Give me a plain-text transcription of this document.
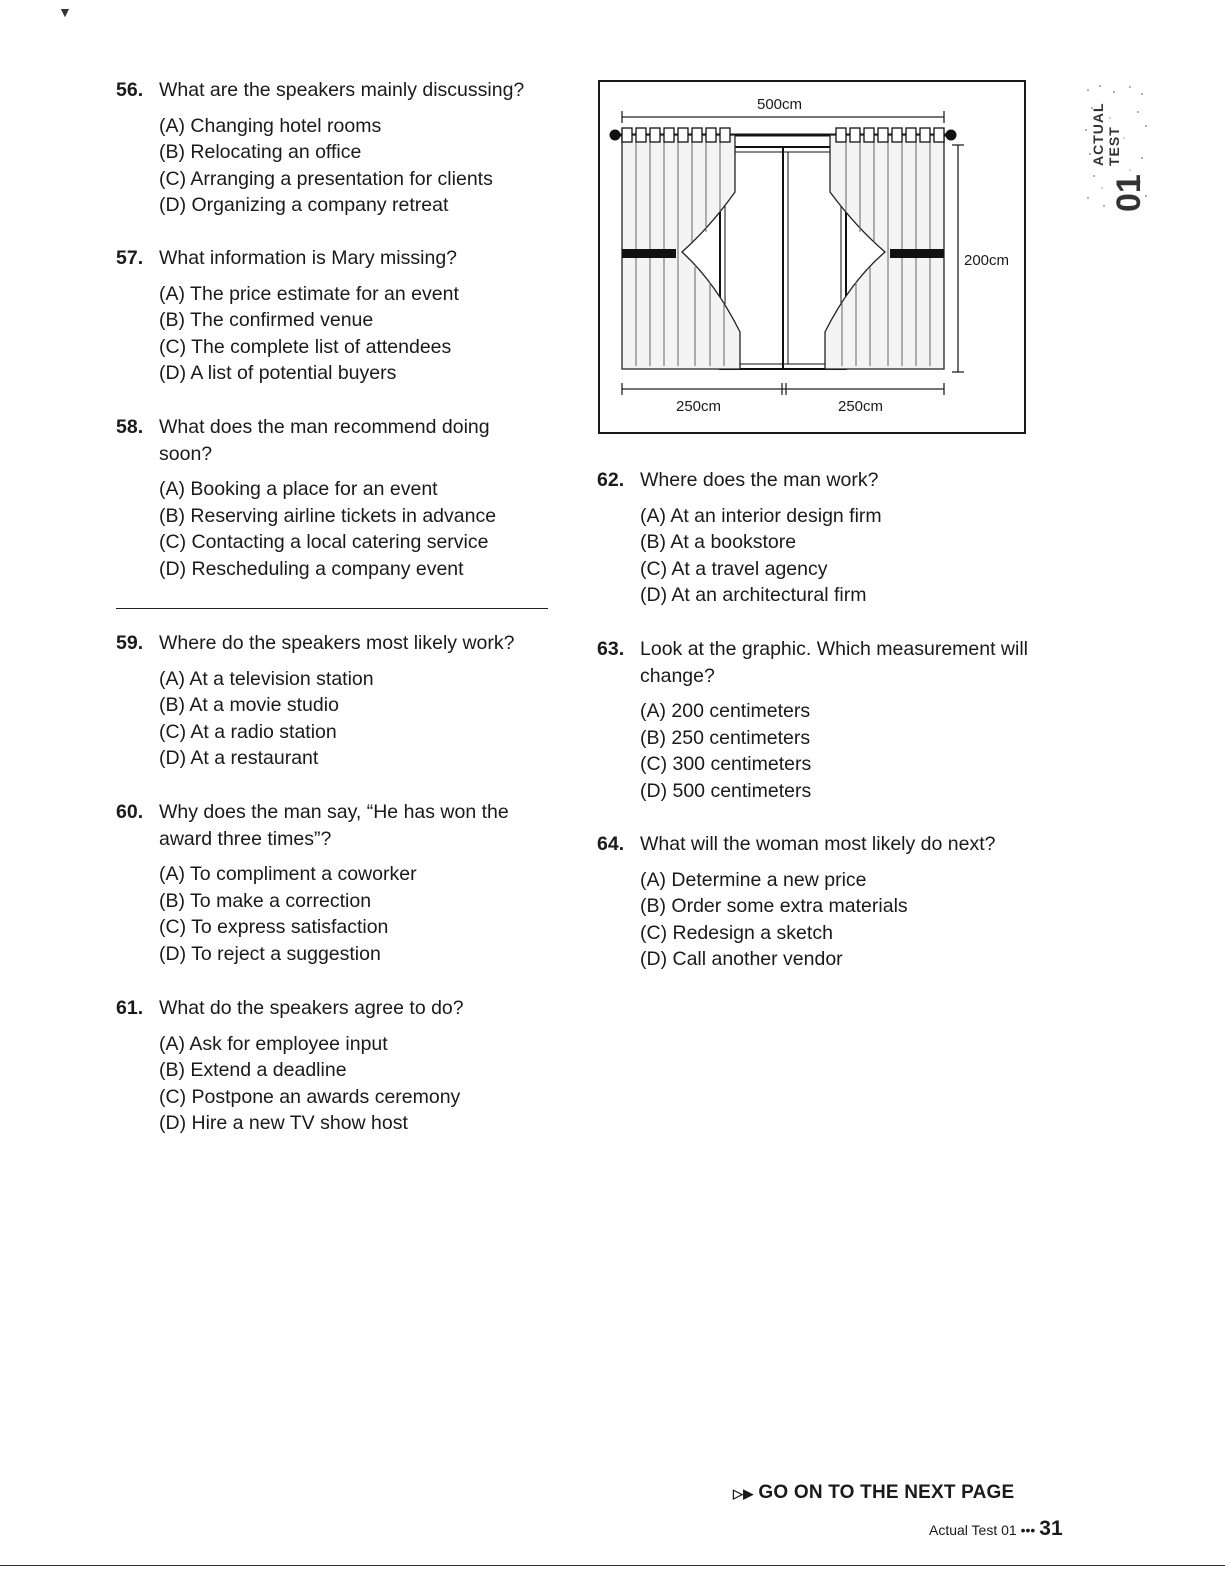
▼
56. What are the speakers mainly discussing?
(A) Changing hotel rooms
(B) Relocating an office
(C) Arranging a presentation for clients
(D) Organizing a company retreat
57. What information is Mary missing?
(A) The price estimate for an event
(B) The confirmed venue
(C) The complete list of attendees
(D) A list of potential buyers
58. What does the man recommend doing soon?
(A) Booking a place for an event
(B) Reserving airline tickets in advance
(C) Contacting a local catering service
(D) Rescheduling a company event
59. Where do the speakers most likely work?
(A) At a television station
(B) At a movie studio
(C) At a radio station
(D) At a restaurant
60. Why does the man say, “He has won the award three times”?
(A) To compliment a coworker
(B) To make a correction
(C) To express satisfaction
(D) To reject a suggestion
61. What do the speakers agree to do?
(A) Ask for employee input
(B) Extend a deadline
(C) Postpone an awards ceremony
(D) Hire a new TV show host
500cm
200cm
250cm	250cm
62. Where does the man work?
(A) At an interior design firm
(B) At a bookstore
(C) At a travel agency
(D) At an architectural firm
63. Look at the graphic. Which measurement will change?
(A) 200 centimeters
(B) 250 centimeters
(C) 300 centimeters
(D) 500 centimeters
64. What will the woman most likely do next?
(A) Determine a new price
(B) Order some extra materials
(C) Redesign a sketch
(D) Call another vendor
ACTUAL TEST
01
▷▶ GO ON TO THE NEXT PAGE
Actual Test 01 ••• 31
